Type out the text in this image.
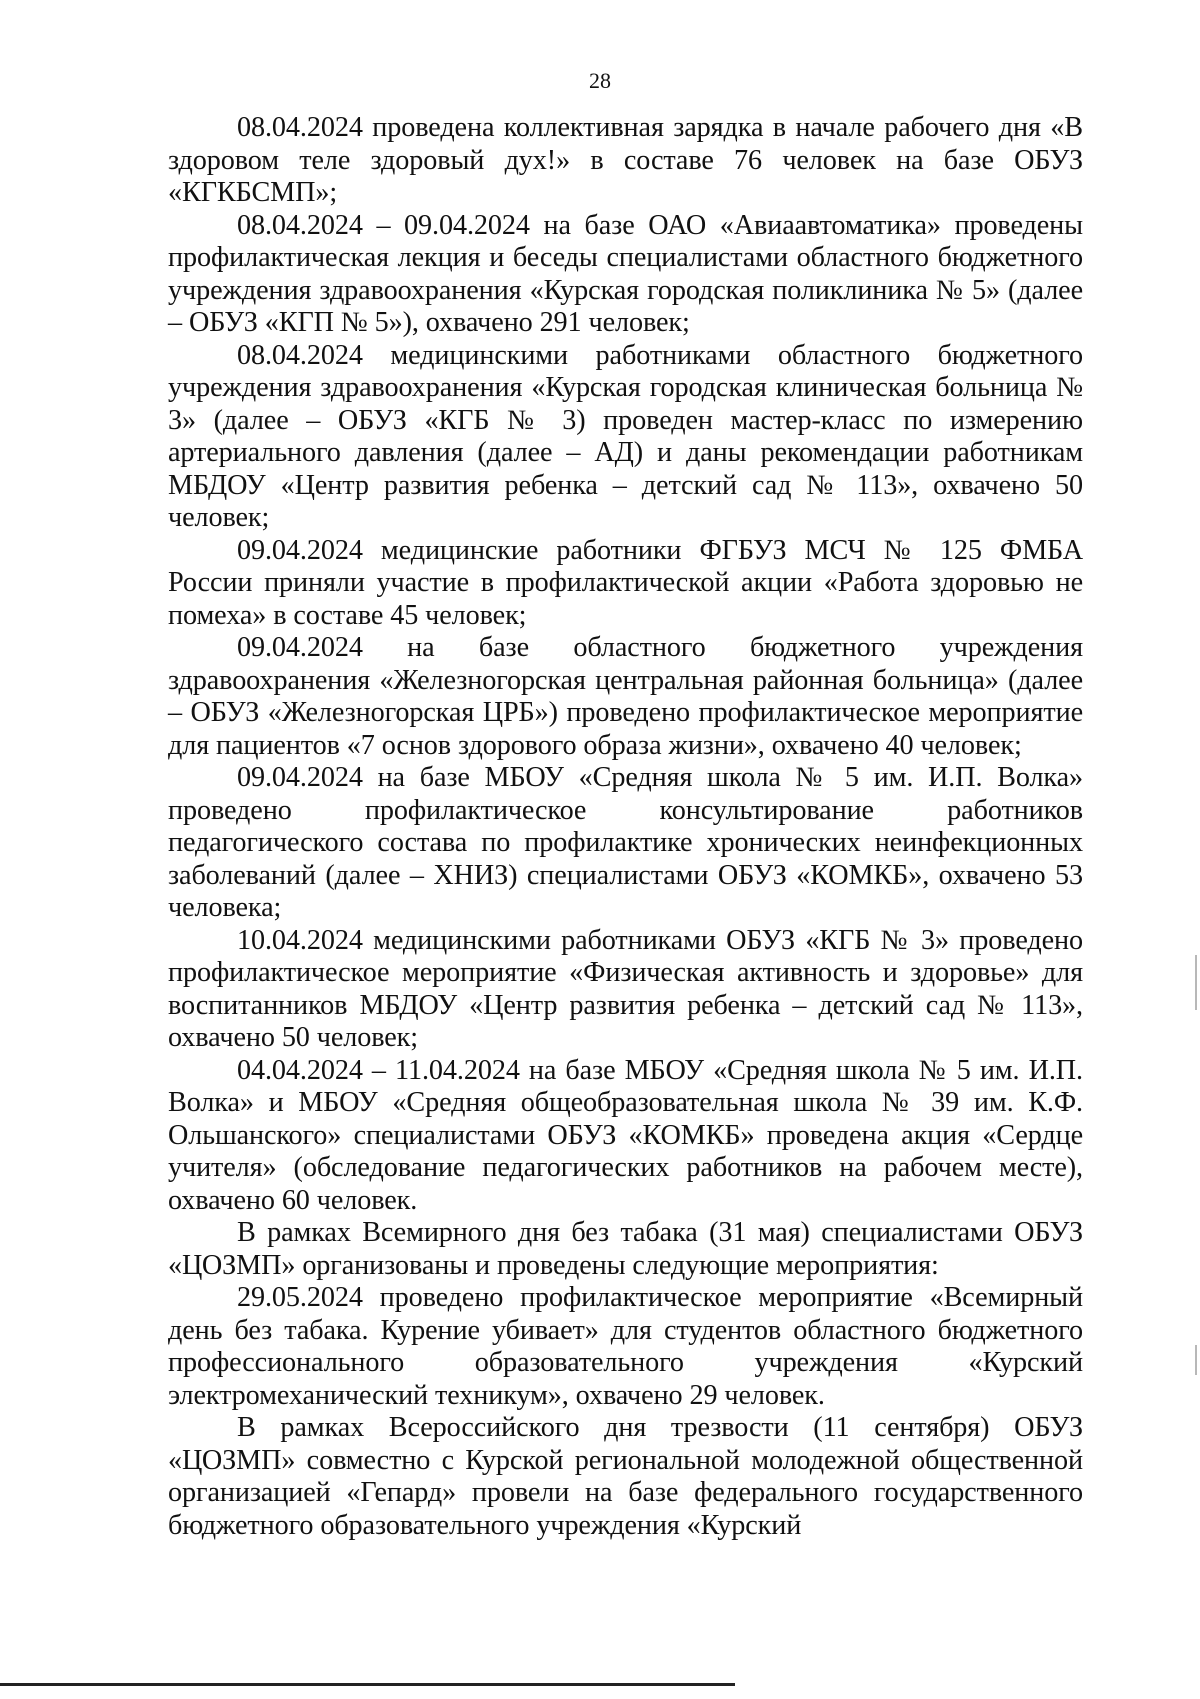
28

08.04.2024 проведена коллективная зарядка в начале рабочего дня «В здоровом теле здоровый дух!» в составе 76 человек на базе ОБУЗ «КГКБСМП»;

08.04.2024 – 09.04.2024 на базе ОАО «Авиаавтоматика» проведены профилактическая лекция и беседы специалистами областного бюджетного учреждения здравоохранения «Курская городская поликлиника № 5» (далее – ОБУЗ «КГП № 5»), охвачено 291 человек;

08.04.2024 медицинскими работниками областного бюджетного учреждения здравоохранения «Курская городская клиническая больница № 3» (далее – ОБУЗ «КГБ № 3) проведен мастер-класс по измерению артериального давления (далее – АД) и даны рекомендации работникам МБДОУ «Центр развития ребенка – детский сад № 113», охвачено 50 человек;

09.04.2024 медицинские работники ФГБУЗ МСЧ № 125 ФМБА России приняли участие в профилактической акции «Работа здоровью не помеха» в составе 45 человек;

09.04.2024 на базе областного бюджетного учреждения здравоохранения «Железногорская центральная районная больница» (далее – ОБУЗ «Железногорская ЦРБ») проведено профилактическое мероприятие для пациентов «7 основ здорового образа жизни», охвачено 40 человек;

09.04.2024 на базе МБОУ «Средняя школа № 5 им. И.П. Волка» проведено профилактическое консультирование работников педагогического состава по профилактике хронических неинфекционных заболеваний (далее – ХНИЗ) специалистами ОБУЗ «КОМКБ», охвачено 53 человека;

10.04.2024 медицинскими работниками ОБУЗ «КГБ № 3» проведено профилактическое мероприятие «Физическая активность и здоровье» для воспитанников МБДОУ «Центр развития ребенка – детский сад № 113», охвачено 50 человек;

04.04.2024 – 11.04.2024 на базе МБОУ «Средняя школа № 5 им. И.П. Волка» и МБОУ «Средняя общеобразовательная школа № 39 им. К.Ф. Ольшанского» специалистами ОБУЗ «КОМКБ» проведена акция «Сердце учителя» (обследование педагогических работников на рабочем месте), охвачено 60 человек.

В рамках Всемирного дня без табака (31 мая) специалистами ОБУЗ «ЦОЗМП» организованы и проведены следующие мероприятия:

29.05.2024 проведено профилактическое мероприятие «Всемирный день без табака. Курение убивает» для студентов областного бюджетного профессионального образовательного учреждения «Курский электромеханический техникум», охвачено 29 человек.

В рамках Всероссийского дня трезвости (11 сентября) ОБУЗ «ЦОЗМП» совместно с Курской региональной молодежной общественной организацией «Гепард» провели на базе федерального государственного бюджетного образовательного учреждения «Курский
